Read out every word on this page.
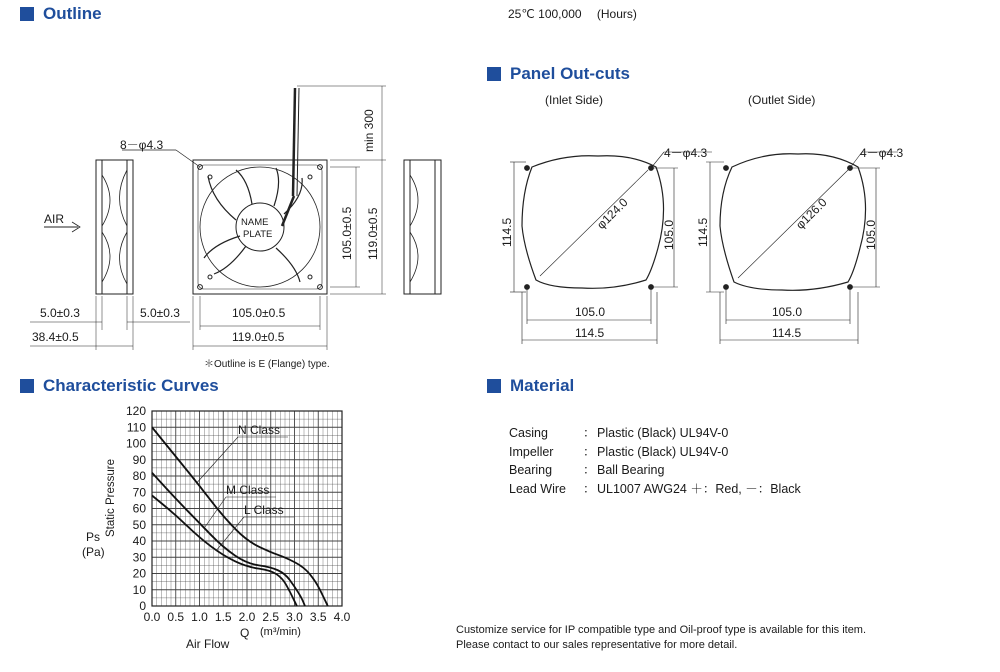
Outline
Panel Out-cuts
Characteristic Curves	Material
25℃ 100,000 (Hours)
8－φ4.3
AIR
min 300
NAME
PLATE	105.0±0.5 119.0±0.5
5.0±0.3	5.0±0.3
38.4±0.5
105.0±0.5
119.0±0.5
＊Outline is E (Flange) type.
(Inlet Side)	(Outlet Side)
4－φ4.3	4－φ4.3
φ124.0	φ126.0
114.5	105.0
105.0
114.5
114.5	105.0
105.0
114.5
0.0 0.5 1.0 1.5 2.0 2.5 3.0 3.5 4.0
0
10
20
30
40
50
60
70
80
90
100
110
120
N Class
M Class
L Class
Static Pressure
Ps
(Pa)
Air Flow
Q (m³/min)
Casing	： Plastic (Black) UL94V-0
Impeller	： Plastic (Black) UL94V-0
Bearing	： Ball Bearing
Lead Wire	： UL1007 AWG24 ＋：Red, －：Black
Customize service for IP compatible type and Oil-proof type is available for this item.
Please contact to our sales representative for more detail.
